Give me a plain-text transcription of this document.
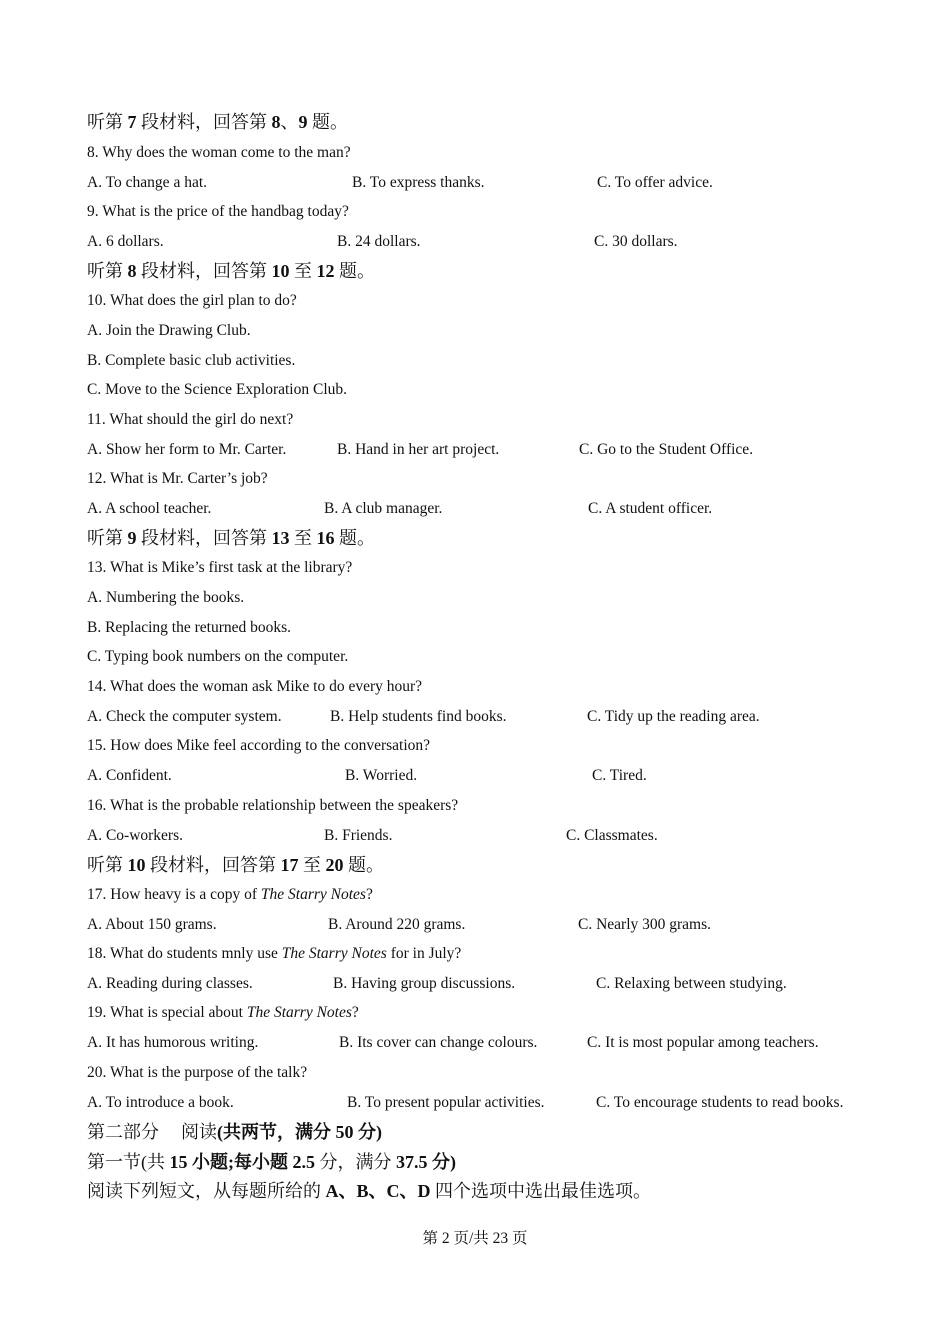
听第 7 段材料，回答第 8、9 题。
8. Why does the woman come to the man?
A. To change a hat.	B. To express thanks.	C. To offer advice.
9. What is the price of the handbag today?
A. 6 dollars.	B. 24 dollars.	C. 30 dollars.
听第 8 段材料，回答第 10 至 12 题。
10. What does the girl plan to do?
A. Join the Drawing Club.
B. Complete basic club activities.
C. Move to the Science Exploration Club.
11. What should the girl do next?
A. Show her form to Mr. Carter.	B. Hand in her art project.	C. Go to the Student Office.
12. What is Mr. Carter’s job?
A. A school teacher.	B. A club manager.	C. A student officer.
听第 9 段材料，回答第 13 至 16 题。
13. What is Mike’s first task at the library?
A. Numbering the books.
B. Replacing the returned books.
C. Typing book numbers on the computer.
14. What does the woman ask Mike to do every hour?
A. Check the computer system.	B. Help students find books.	C. Tidy up the reading area.
15. How does Mike feel according to the conversation?
A. Confident.	B. Worried.	C. Tired.
16. What is the probable relationship between the speakers?
A. Co-workers.	B. Friends.	C. Classmates.
听第 10 段材料，回答第 17 至 20 题。
17. How heavy is a copy of The Starry Notes?
A. About 150 grams.	B. Around 220 grams.	C. Nearly 300 grams.
18. What do students mnly use The Starry Notes for in July?
A. Reading during classes.	B. Having group discussions.	C. Relaxing between studying.
19. What is special about The Starry Notes?
A. It has humorous writing.	B. Its cover can change colours.	C. It is most popular among teachers.
20. What is the purpose of the talk?
A. To introduce a book.	B. To present popular activities.	C. To encourage students to read books.
第二部分 阅读(共两节，满分 50 分)
第一节(共 15 小题;每小题 2.5 分，满分 37.5 分)
阅读下列短文，从每题所给的 A、B、C、D 四个选项中选出最佳选项。
第 2 页/共 23 页
